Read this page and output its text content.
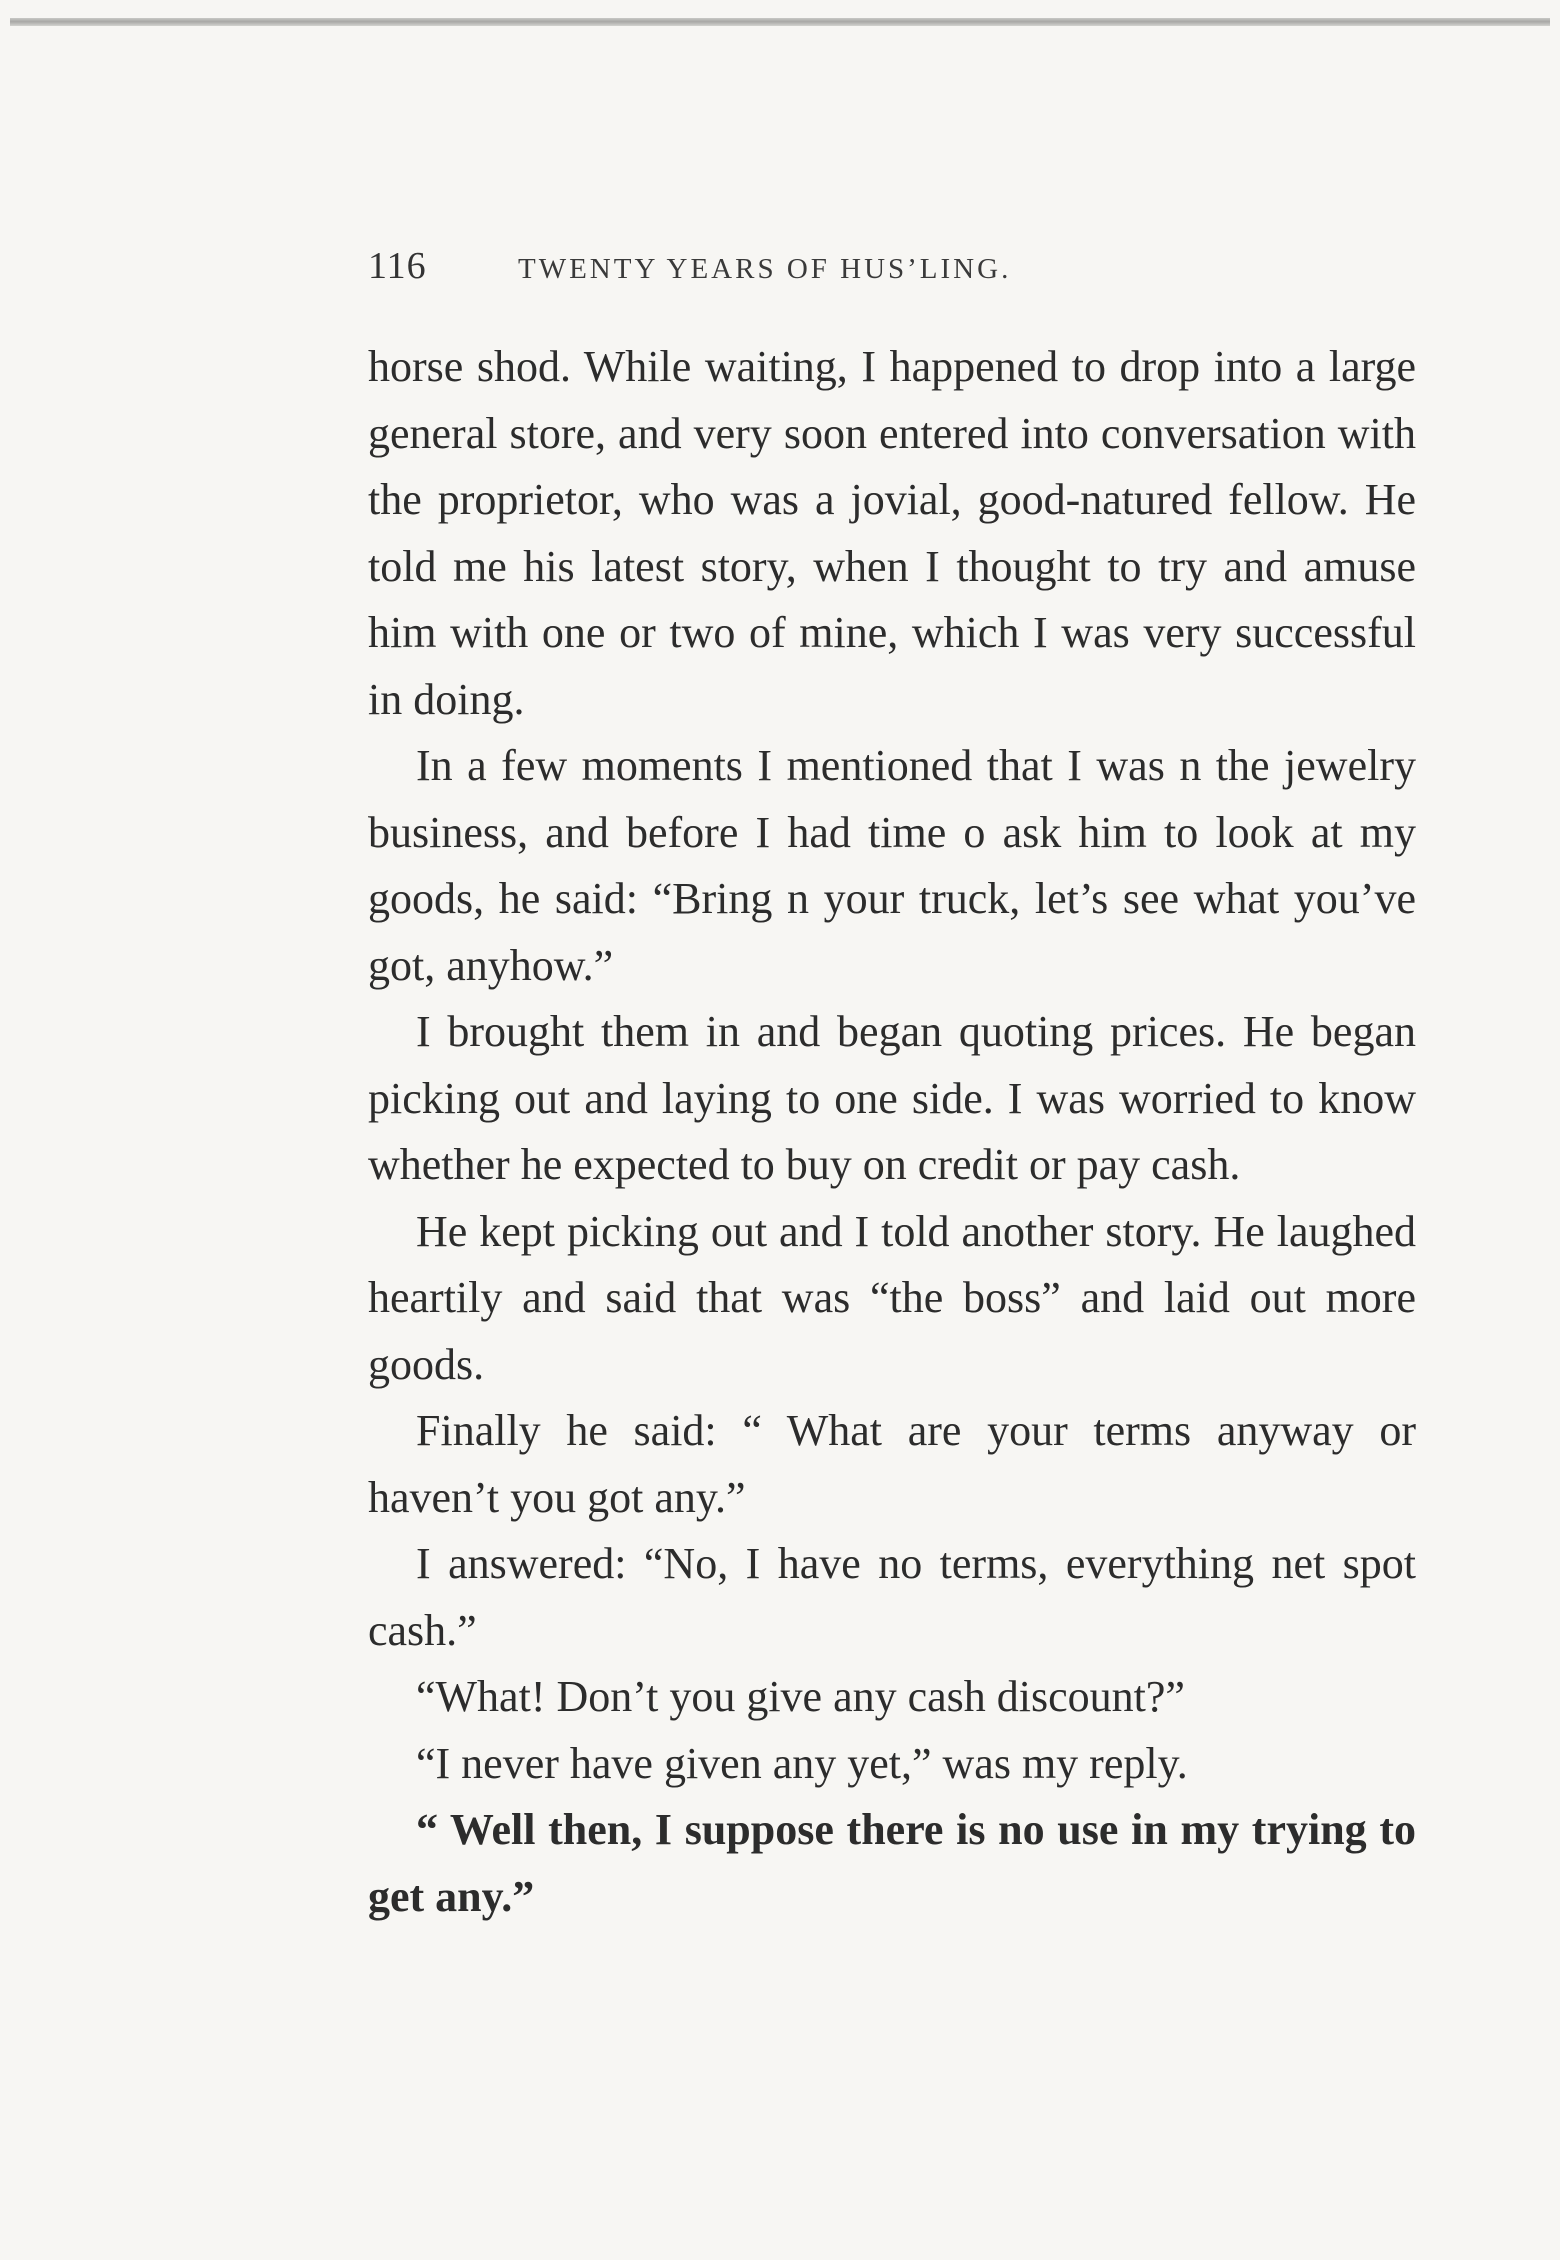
116	TWENTY YEARS OF HUS’LING.

horse shod. While waiting, I happened to drop into a large general store, and very soon entered into conversation with the proprietor, who was a jovial, good-natured fellow. He told me his latest story, when I thought to try and amuse him with one or two of mine, which I was very successful in doing.

In a few moments I mentioned that I was n the jewelry business, and before I had time o ask him to look at my goods, he said: “Bring n your truck, let’s see what you’ve got, anyhow.”

I brought them in and began quoting prices. He began picking out and laying to one side. I was worried to know whether he expected to buy on credit or pay cash.

He kept picking out and I told another story. He laughed heartily and said that was “the boss” and laid out more goods.

Finally he said: “ What are your terms anyway or haven’t you got any.”

I answered: “No, I have no terms, everything net spot cash.”

“What! Don’t you give any cash discount?”

“I never have given any yet,” was my reply.

“ Well then, I suppose there is no use in my trying to get any.”
